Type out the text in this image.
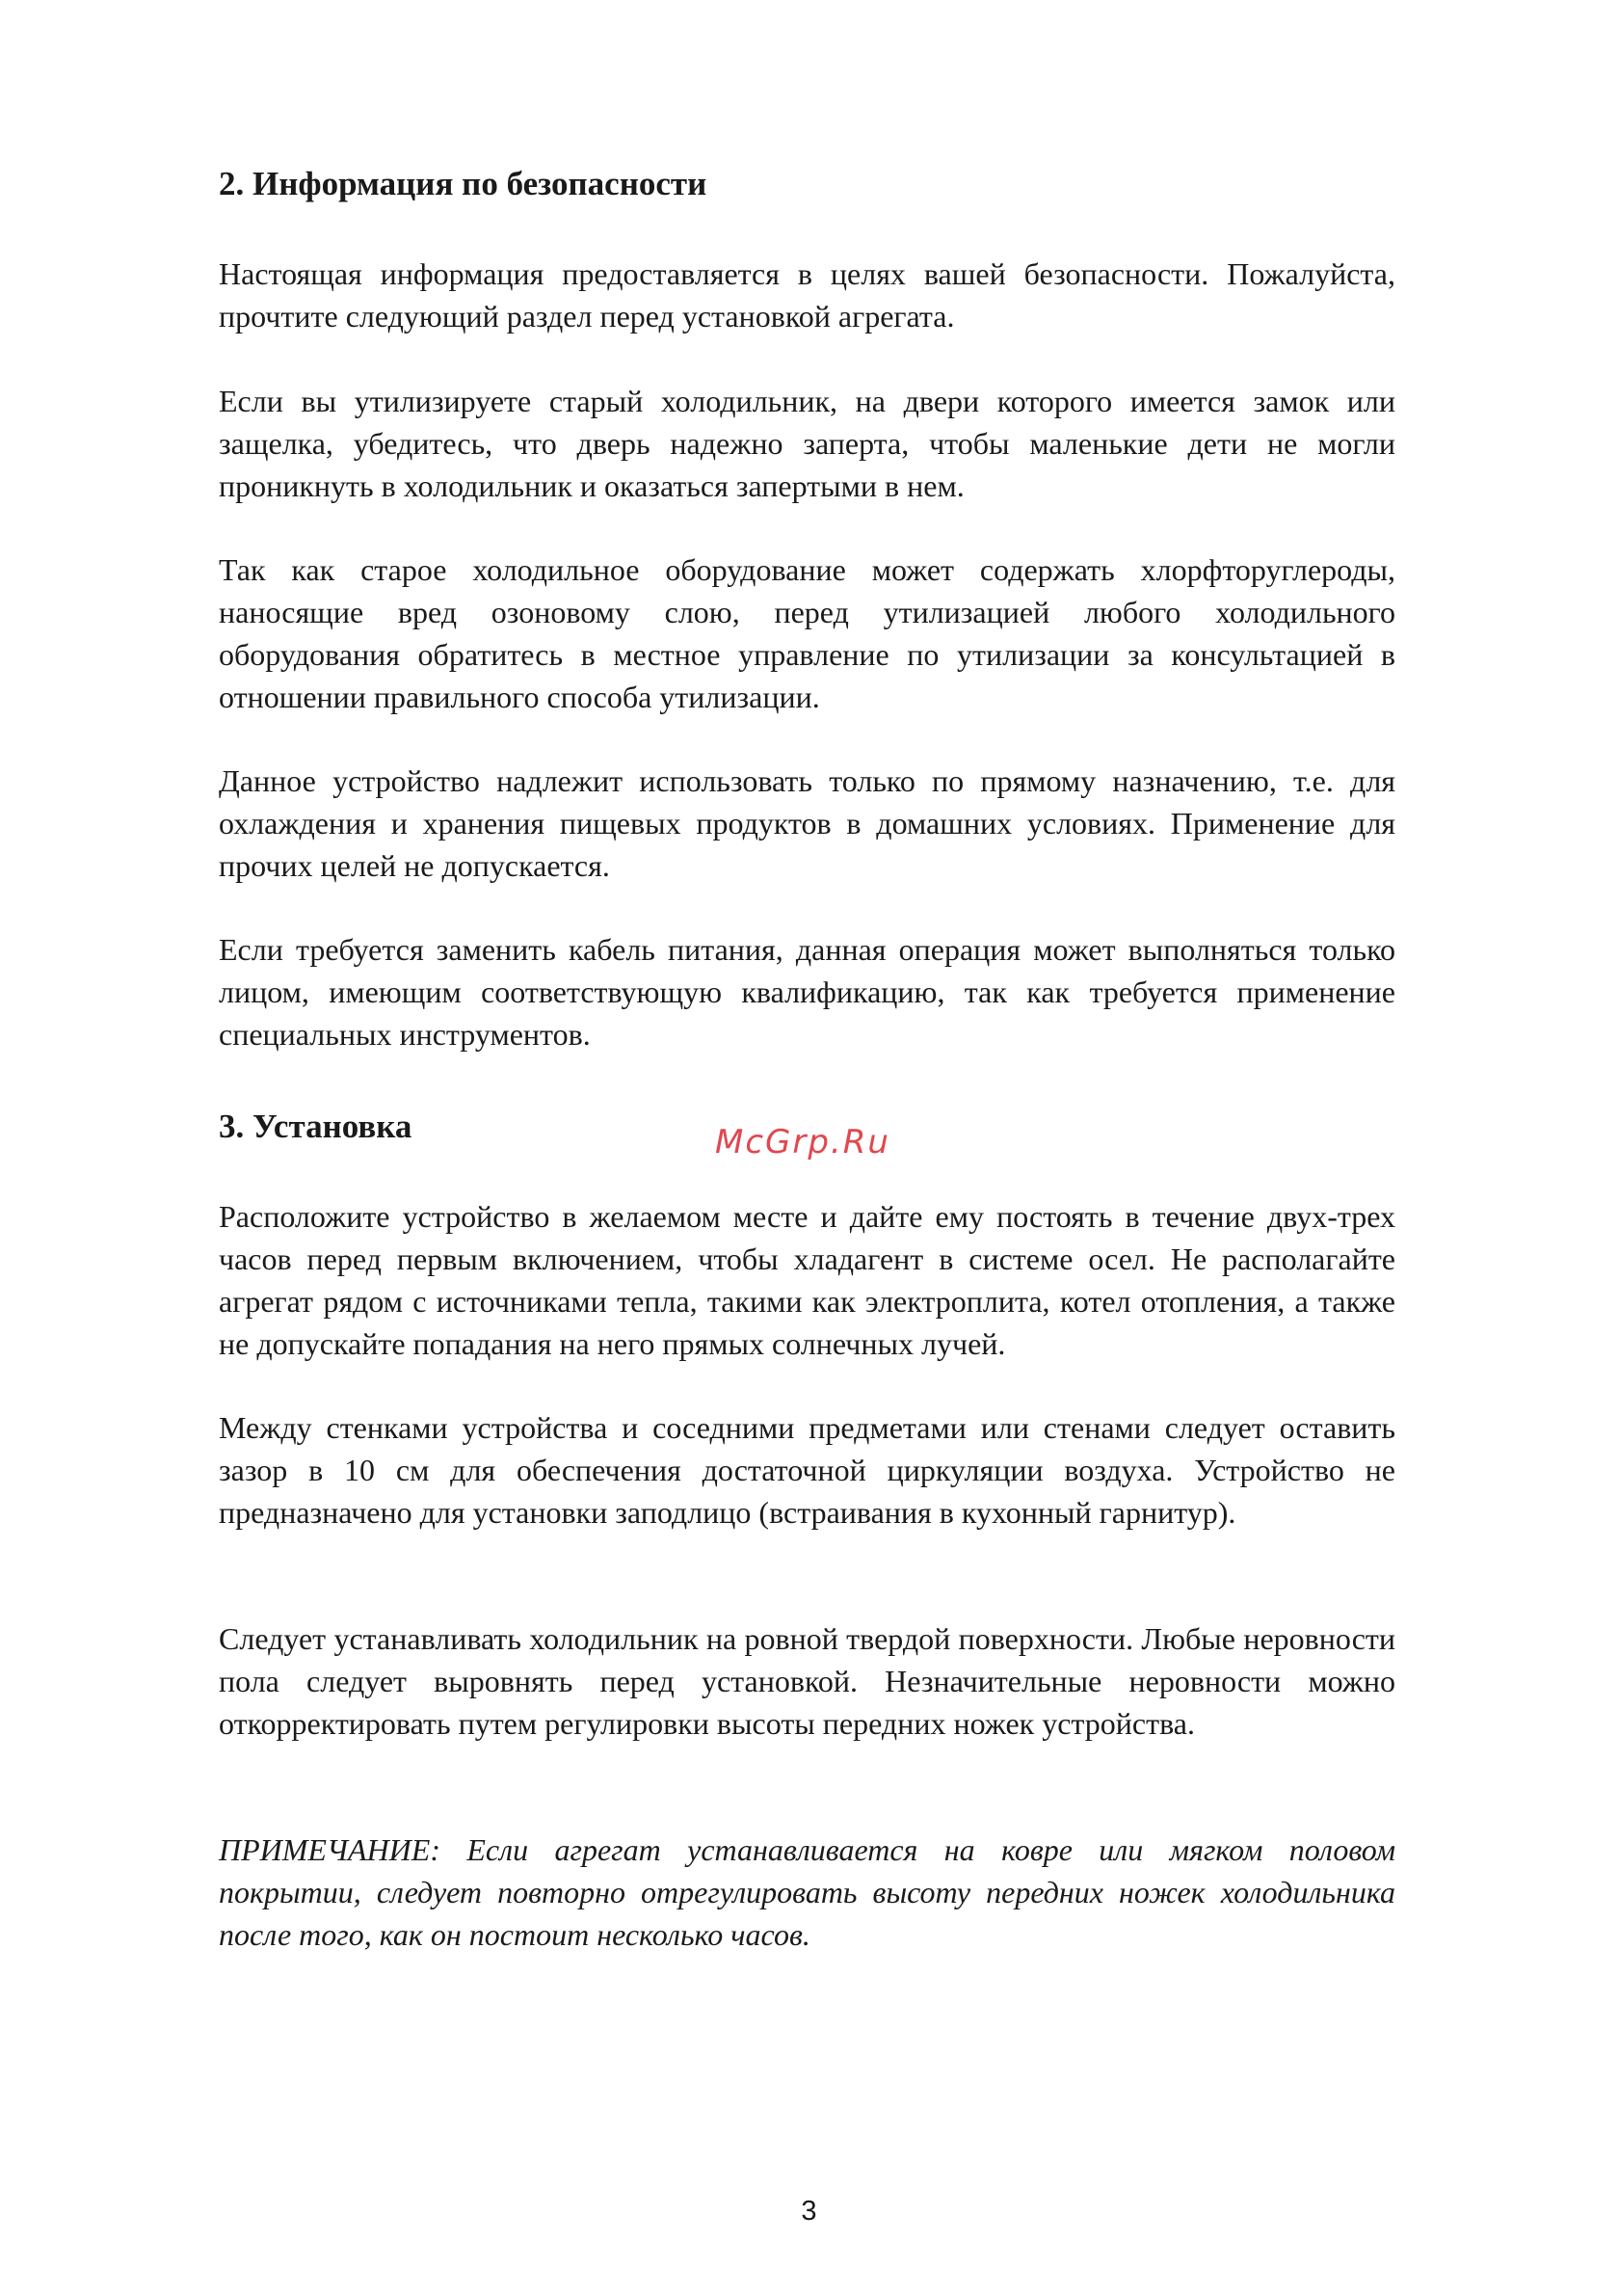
2. Информация по безопасности

Настоящая информация предоставляется в целях вашей безопасности. Пожалуйста, прочтите следующий раздел перед установкой агрегата.

Если вы утилизируете старый холодильник, на двери которого имеется замок или защелка, убедитесь, что дверь надежно заперта, чтобы маленькие дети не могли проникнуть в холодильник и оказаться запертыми в нем.

Так как старое холодильное оборудование может содержать хлорфторуглероды, наносящие вред озоновому слою, перед утилизацией любого холодильного оборудования обратитесь в местное управление по утилизации за консультацией в отношении правильного способа утилизации.

Данное устройство надлежит использовать только по прямому назначению, т.е. для охлаждения и хранения пищевых продуктов в домашних условиях. Применение для прочих целей не допускается.

Если требуется заменить кабель питания, данная операция может выполняться только лицом, имеющим соответствующую квалификацию, так как требуется применение специальных инструментов.

3. Установка

Расположите устройство в желаемом месте и дайте ему постоять в течение двух-трех часов перед первым включением, чтобы хладагент в системе осел. Не располагайте агрегат рядом с источниками тепла, такими как электроплита, котел отопления, а также не допускайте попадания на него прямых солнечных лучей.

Между стенками устройства и соседними предметами или стенами следует оставить зазор в 10 см для обеспечения достаточной циркуляции воздуха. Устройство не предназначено для установки заподлицо (встраивания в кухонный гарнитур).

Следует устанавливать холодильник на ровной твердой поверхности. Любые неровности пола следует выровнять перед установкой. Незначительные неровности можно откорректировать путем регулировки высоты передних ножек устройства.

ПРИМЕЧАНИЕ: Если агрегат устанавливается на ковре или мягком половом покрытии, следует повторно отрегулировать высоту передних ножек холодильника после того, как он постоит несколько часов.

McGrp.Ru
3
